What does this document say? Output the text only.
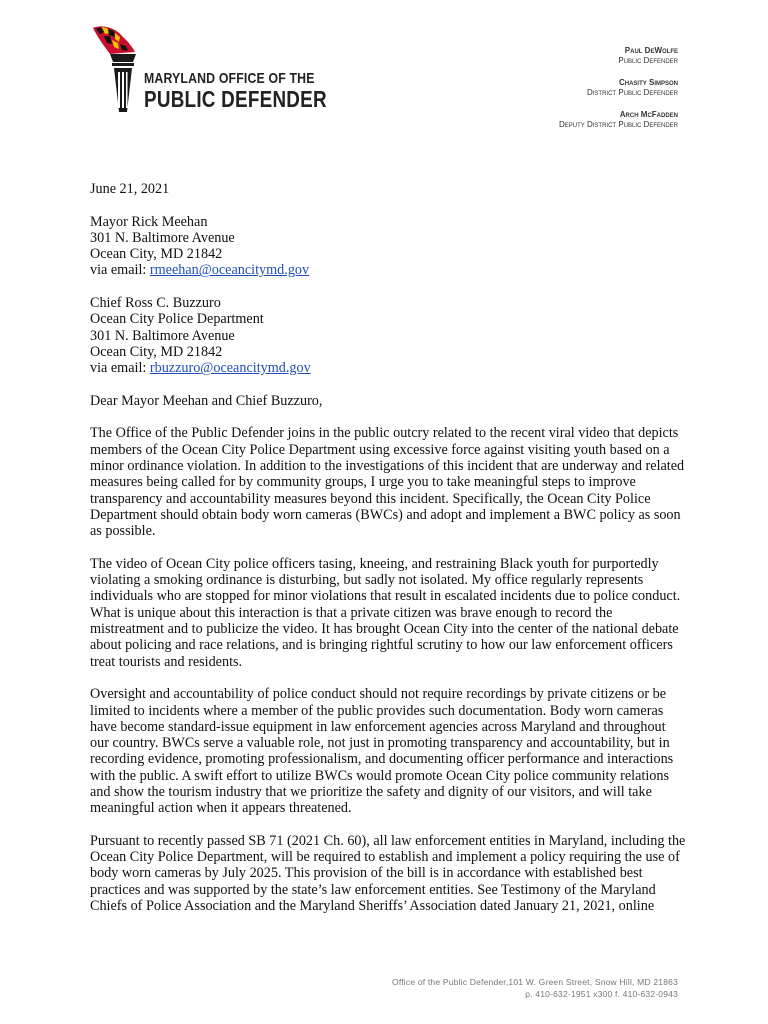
MARYLAND OFFICE OF THE
PUBLIC DEFENDER
Paul DeWolfe
Public Defender
Chasity Simpson
District Public Defender
Arch McFadden
Deputy District Public Defender

June 21, 2021

Mayor Rick Meehan
301 N. Baltimore Avenue
Ocean City, MD 21842
via email: rmeehan@oceancitymd.gov
Chief Ross C. Buzzuro
Ocean City Police Department
301 N. Baltimore Avenue
Ocean City, MD 21842
via email: rbuzzuro@oceancitymd.gov

Dear Mayor Meehan and Chief Buzzuro,

The Office of the Public Defender joins in the public outcry related to the recent viral video that depicts members of the Ocean City Police Department using excessive force against visiting youth based on a minor ordinance violation. In addition to the investigations of this incident that are underway and related measures being called for by community groups, I urge you to take meaningful steps to improve transparency and accountability measures beyond this incident. Specifically, the Ocean City Police Department should obtain body worn cameras (BWCs) and adopt and implement a BWC policy as soon as possible.

The video of Ocean City police officers tasing, kneeing, and restraining Black youth for purportedly violating a smoking ordinance is disturbing, but sadly not isolated. My office regularly represents individuals who are stopped for minor violations that result in escalated incidents due to police conduct. What is unique about this interaction is that a private citizen was brave enough to record the mistreatment and to publicize the video. It has brought Ocean City into the center of the national debate about policing and race relations, and is bringing rightful scrutiny to how our law enforcement officers treat tourists and residents.

Oversight and accountability of police conduct should not require recordings by private citizens or be limited to incidents where a member of the public provides such documentation. Body worn cameras have become standard-issue equipment in law enforcement agencies across Maryland and throughout our country. BWCs serve a valuable role, not just in promoting transparency and accountability, but in recording evidence, promoting professionalism, and documenting officer performance and interactions with the public. A swift effort to utilize BWCs would promote Ocean City police community relations and show the tourism industry that we prioritize the safety and dignity of our visitors, and will take meaningful action when it appears threatened.

Pursuant to recently passed SB 71 (2021 Ch. 60), all law enforcement entities in Maryland, including the Ocean City Police Department, will be required to establish and implement a policy requiring the use of body worn cameras by July 2025. This provision of the bill is in accordance with established best practices and was supported by the state’s law enforcement entities. See Testimony of the Maryland Chiefs of Police Association and the Maryland Sheriffs’ Association dated January 21, 2021, online

Office of the Public Defender,101 W. Green Street, Snow Hill, MD 21863
p. 410-632-1951 x300 f. 410-632-0943
